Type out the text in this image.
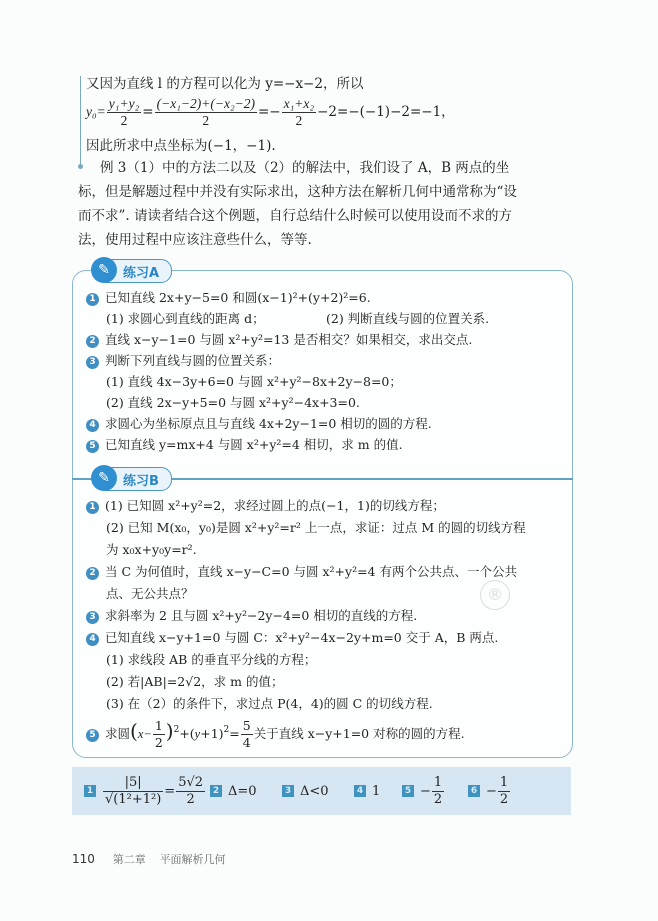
又因为直线 l 的方程可以化为 y=−x−2，所以
$y_0= \frac{\text{y₁+y₂}}{2} = \frac{\text{(−x₁−2)+(−x₂−2)}}{2} =- \frac{\text{x₁+x₂}}{2} -2=-(-1)-2=-1$，
因此所求中点坐标为(−1，−1).
例 3（1）中的方法二以及（2）的解法中，我们设了 A，B 两点的坐
标，但是解题过程中并没有实际求出，这种方法在解析几何中通常称为“设
而不求”. 请读者结合这个例题，自行总结什么时候可以使用设而不求的方
法，使用过程中应该注意些什么，等等.
✎	练习A
1 已知直线 2x+y−5=0 和圆(x−1)²+(y+2)²=6.
(1) 求圆心到直线的距离 d；	(2) 判断直线与圆的位置关系.
2 直线 x−y−1=0 与圆 x²+y²=13 是否相交？如果相交，求出交点.
3 判断下列直线与圆的位置关系：
(1) 直线 4x−3y+6=0 与圆 x²+y²−8x+2y−8=0；
(2) 直线 2x−y+5=0 与圆 x²+y²−4x+3=0.
4 求圆心为坐标原点且与直线 4x+2y−1=0 相切的圆的方程.
5 已知直线 y=mx+4 与圆 x²+y²=4 相切，求 m 的值.
✎	练习B
1 (1) 已知圆 x²+y²=2，求经过圆上的点(−1，1)的切线方程；
(2) 已知 M(x₀，y₀)是圆 x²+y²=r² 上一点，求证：过点 M 的圆的切线方程
为 x₀x+y₀y=r².
2 当 C 为何值时，直线 x−y−C=0 与圆 x²+y²=4 有两个公共点、一个公共
点、无公共点？
3 求斜率为 2 且与圆 x²+y²−2y−4=0 相切的直线的方程.
4 已知直线 x−y+1=0 与圆 C：x²+y²−4x−2y+m=0 交于 A，B 两点.
(1) 求线段 AB 的垂直平分线的方程；
(2) 若|AB|=2√2，求 m 的值；
(3) 在（2）的条件下，求过点 P(4，4)的圆 C 的切线方程.
5 求圆$(x- \frac{1}{2} )^2+(y+1)^2= \frac{5}{4}$ 关于直线 x−y+1=0 对称的圆的方程.
®
$1 \frac{|5|}{\text{√(1²+1²)}} = \frac{5√2}{2} 2$ Δ=0	3 Δ<0	4 1	$5 - \frac{1}{2}$	$6 - \frac{1}{2}$
110 第二章 平面解析几何
